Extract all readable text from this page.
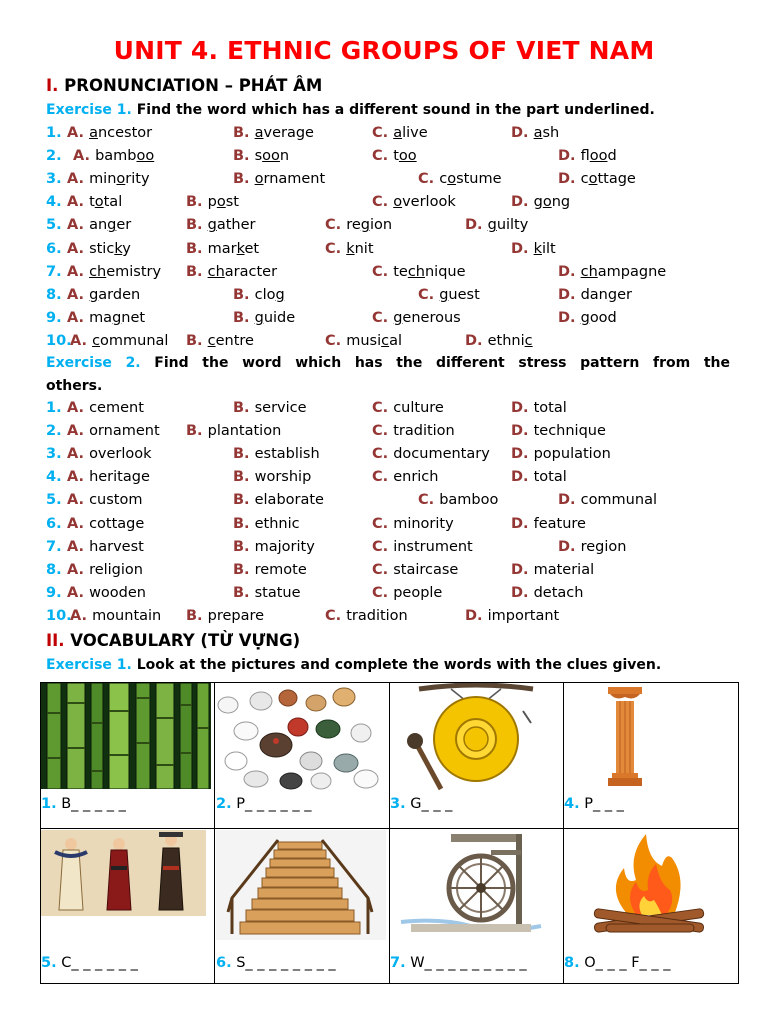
UNIT 4. ETHNIC GROUPS OF VIET NAM
I. PRONUNCIATION – PHÁT ÂM
Exercise 1. Find the word which has a different sound in the part underlined.
1. A. ancestor	B. average	C. alive	D. ash
2. A. bamboo	B. soon	C. too	D. flood
3. A. minority	B. ornament	C. costume	D. cottage
4. A. total	B. post	C. overlook	D. gong
5. A. anger	B. gather	C. region	D. guilty
6. A. sticky	B. market	C. knit	D. kilt
7. A. chemistry B. character	C. technique	D. champagne
8. A. garden	B. clog	C. guest	D. danger
9. A. magnet	B. guide	C. generous	D. good
10.
A. communal B. centre	C. musical	D. ethnic
Exercise 2. Find the word which has the different stress pattern from the
others.
1. A. cement	B. service	C. culture	D. total
2. A. ornament B. plantation	C. tradition	D. technique
3. A. overlook	B. establish	C. documentary D. population
4. A. heritage	B. worship	C. enrich	D. total
5. A. custom	B. elaborate	C. bamboo	D. communal
6. A. cottage	B. ethnic	C. minority	D. feature
7. A. harvest	B. majority	C. instrument	D. region
8. A. religion	B. remote	C. staircase	D. material
9. A. wooden	B. statue	C. people	D. detach
10.
A. mountain B. prepare	C. tradition	D. important
II. VOCABULARY (TỪ VỰNG)
Exercise 1. Look at the pictures and complete the words with the clues given.
1. B_ _ _ _ _	2. P_ _ _ _ _ _	3. G_ _ _	4. P_ _ _
5. C_ _ _ _ _ _	6. S_ _ _ _ _ _ _ _	7. W_ _ _ _ _ _ _ _ _	8. O_ _ _ F_ _ _
